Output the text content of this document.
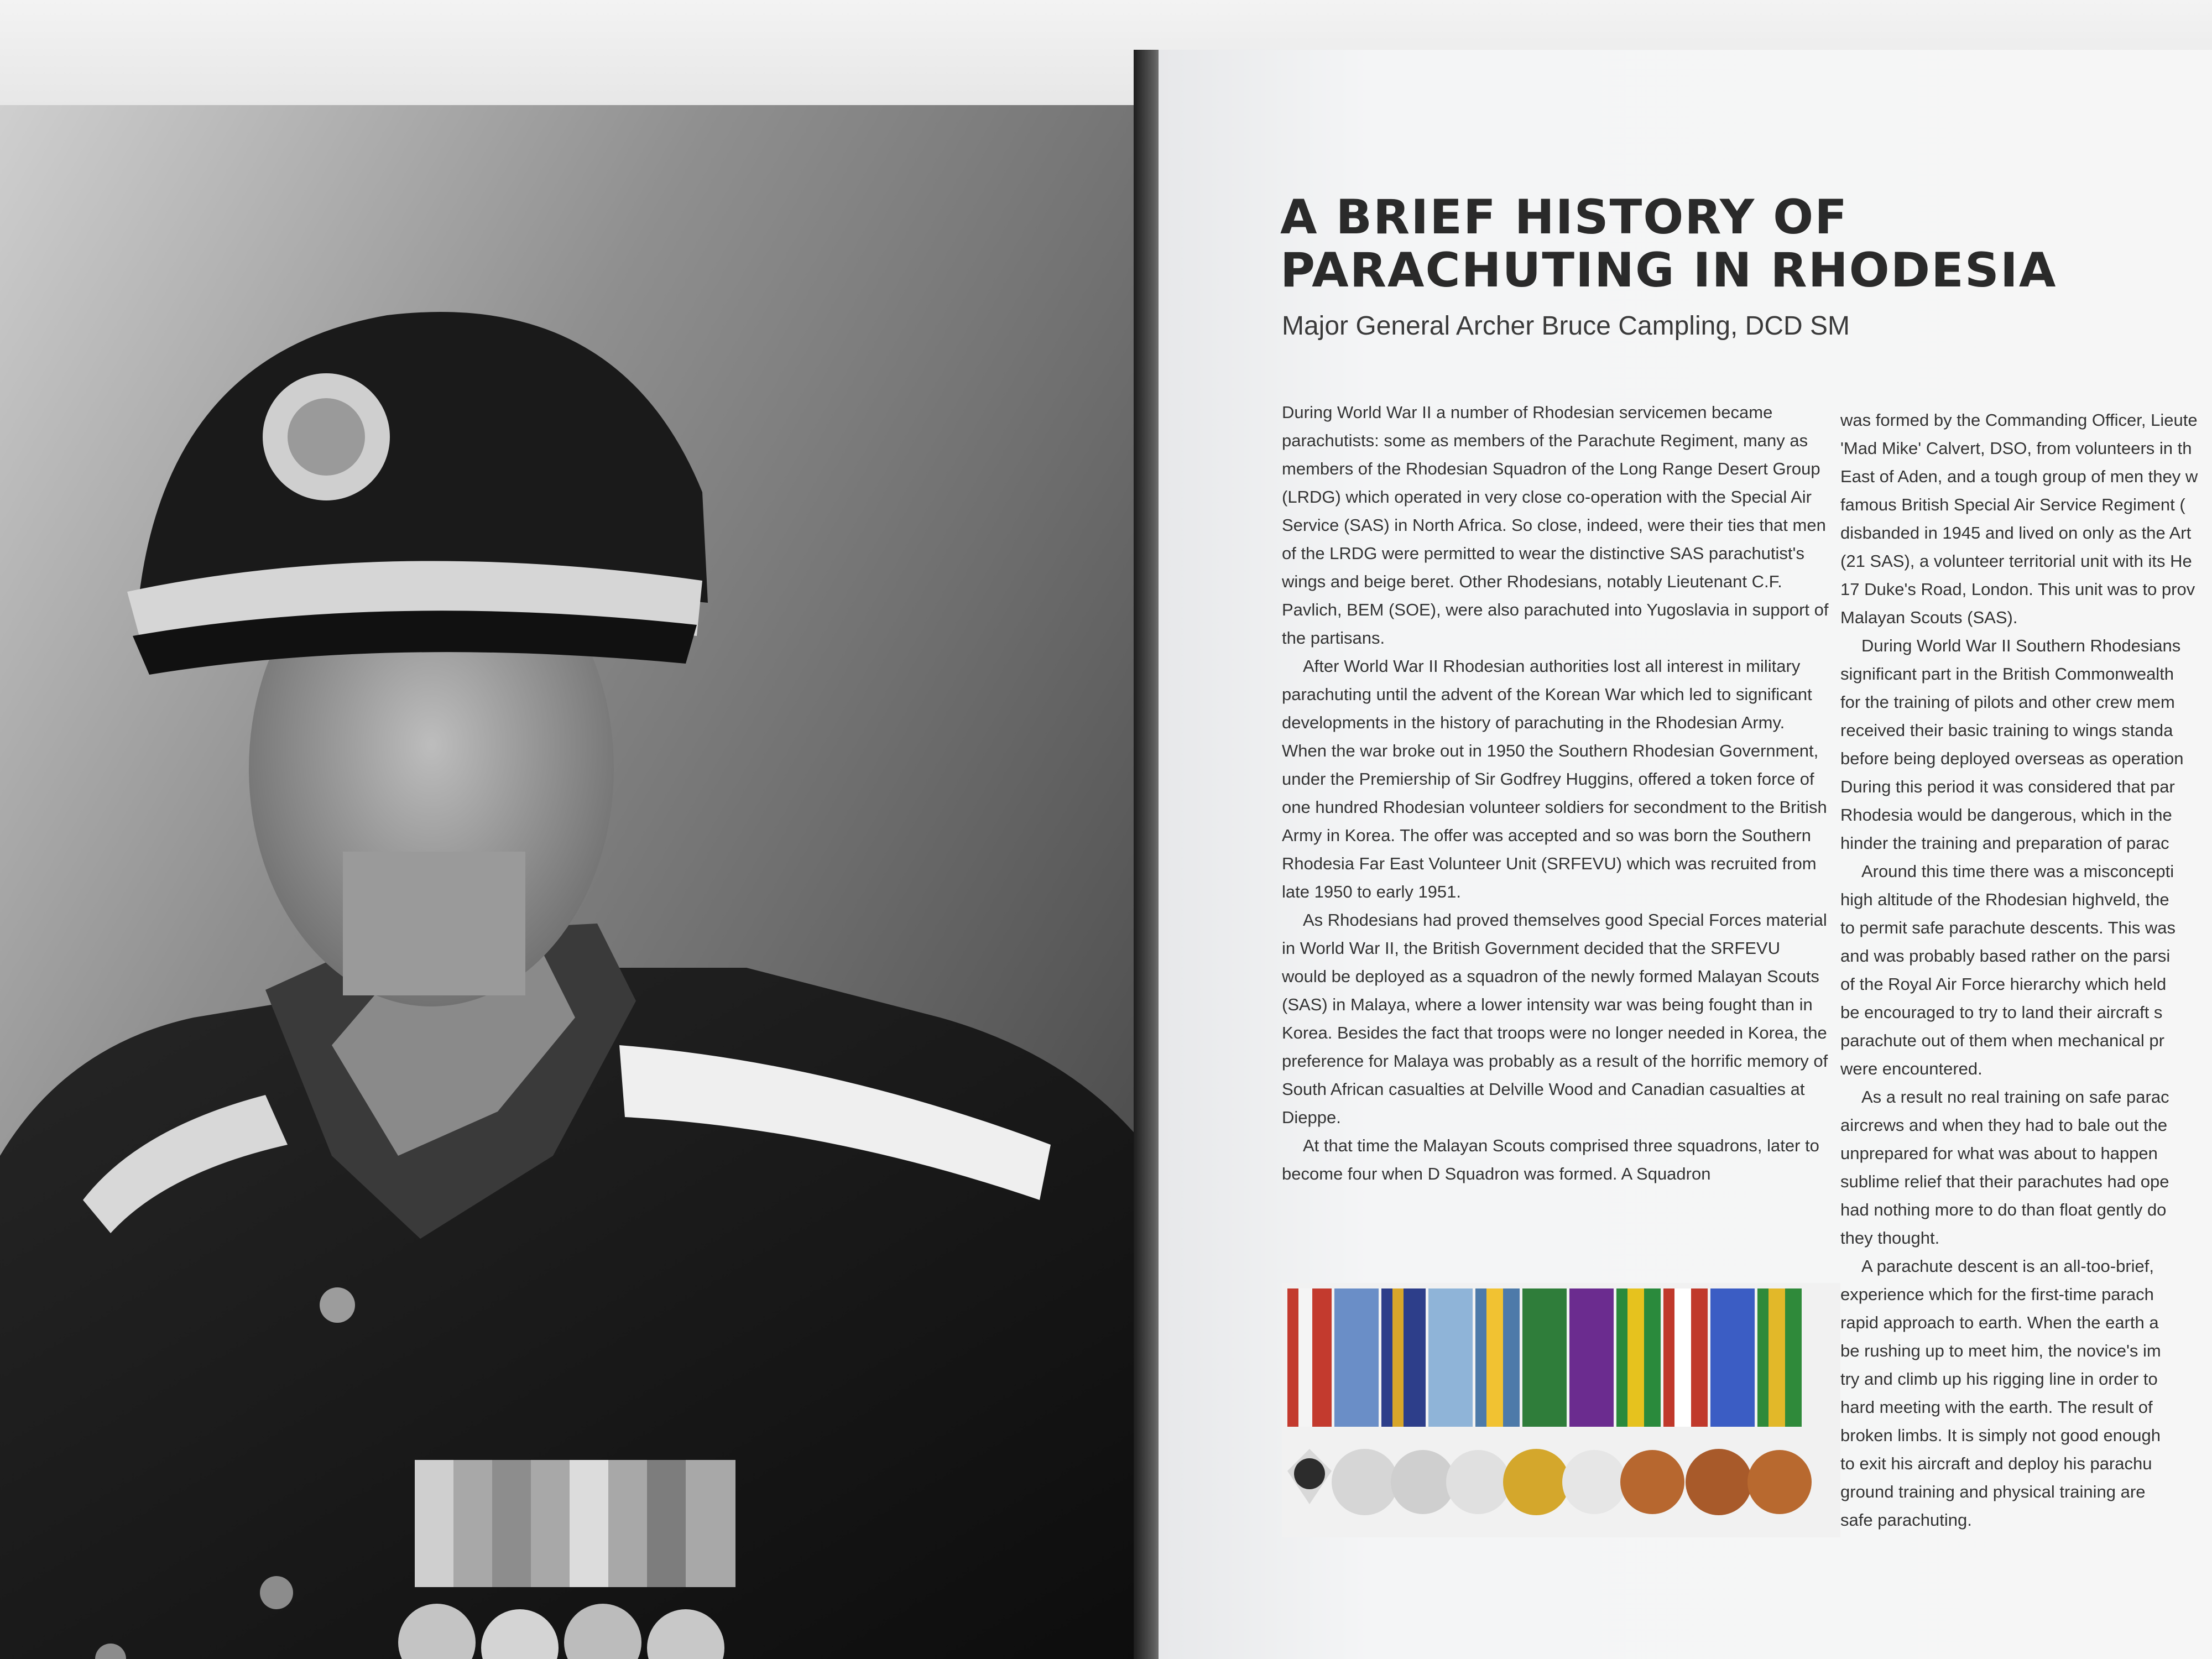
A BRIEF HISTORY OF
PARACHUTING IN RHODESIA

Major General Archer Bruce Campling, DCD SM

During World War II a number of Rhodesian servicemen became parachutists: some as members of the Parachute Regiment, many as members of the Rhodesian Squadron of the Long Range Desert Group (LRDG) which operated in very close co-operation with the Special Air Service (SAS) in North Africa. So close, indeed, were their ties that men of the LRDG were permitted to wear the distinctive SAS parachutist's wings and beige beret. Other Rhodesians, notably Lieutenant C.F. Pavlich, BEM (SOE), were also parachuted into Yugoslavia in support of the partisans.

After World War II Rhodesian authorities lost all interest in military parachuting until the advent of the Korean War which led to significant developments in the history of parachuting in the Rhodesian Army. When the war broke out in 1950 the Southern Rhodesian Government, under the Premiership of Sir Godfrey Huggins, offered a token force of one hundred Rhodesian volunteer soldiers for secondment to the British Army in Korea. The offer was accepted and so was born the Southern Rhodesia Far East Volunteer Unit (SRFEVU) which was recruited from late 1950 to early 1951.

As Rhodesians had proved themselves good Special Forces material in World War II, the British Government decided that the SRFEVU would be deployed as a squadron of the newly formed Malayan Scouts (SAS) in Malaya, where a lower intensity war was being fought than in Korea. Besides the fact that troops were no longer needed in Korea, the preference for Malaya was probably as a result of the horrific memory of South African casualties at Delville Wood and Canadian casualties at Dieppe.

At that time the Malayan Scouts comprised three squadrons, later to become four when D Squadron was formed. A Squadron

was formed by the Commanding Officer, Lieute
'Mad Mike' Calvert, DSO, from volunteers in th
East of Aden, and a tough group of men they w
famous British Special Air Service Regiment (
disbanded in 1945 and lived on only as the Art
(21 SAS), a volunteer territorial unit with its He
17 Duke's Road, London. This unit was to prov
Malayan Scouts (SAS).
During World War II Southern Rhodesians
significant part in the British Commonwealth
for the training of pilots and other crew mem
received their basic training to wings standa
before being deployed overseas as operation
During this period it was considered that par
Rhodesia would be dangerous, which in the
hinder the training and preparation of parac
Around this time there was a misconcepti
high altitude of the Rhodesian highveld, the
to permit safe parachute descents. This was
and was probably based rather on the parsi
of the Royal Air Force hierarchy which held
be encouraged to try to land their aircraft s
parachute out of them when mechanical pr
were encountered.
As a result no real training on safe parac
aircrews and when they had to bale out the
unprepared for what was about to happen
sublime relief that their parachutes had ope
had nothing more to do than float gently do
they thought.
A parachute descent is an all-too-brief,
experience which for the first-time parach
rapid approach to earth. When the earth a
be rushing up to meet him, the novice's im
try and climb up his rigging line in order to
hard meeting with the earth. The result of
broken limbs. It is simply not good enough
to exit his aircraft and deploy his parachu
ground training and physical training are
safe parachuting.
